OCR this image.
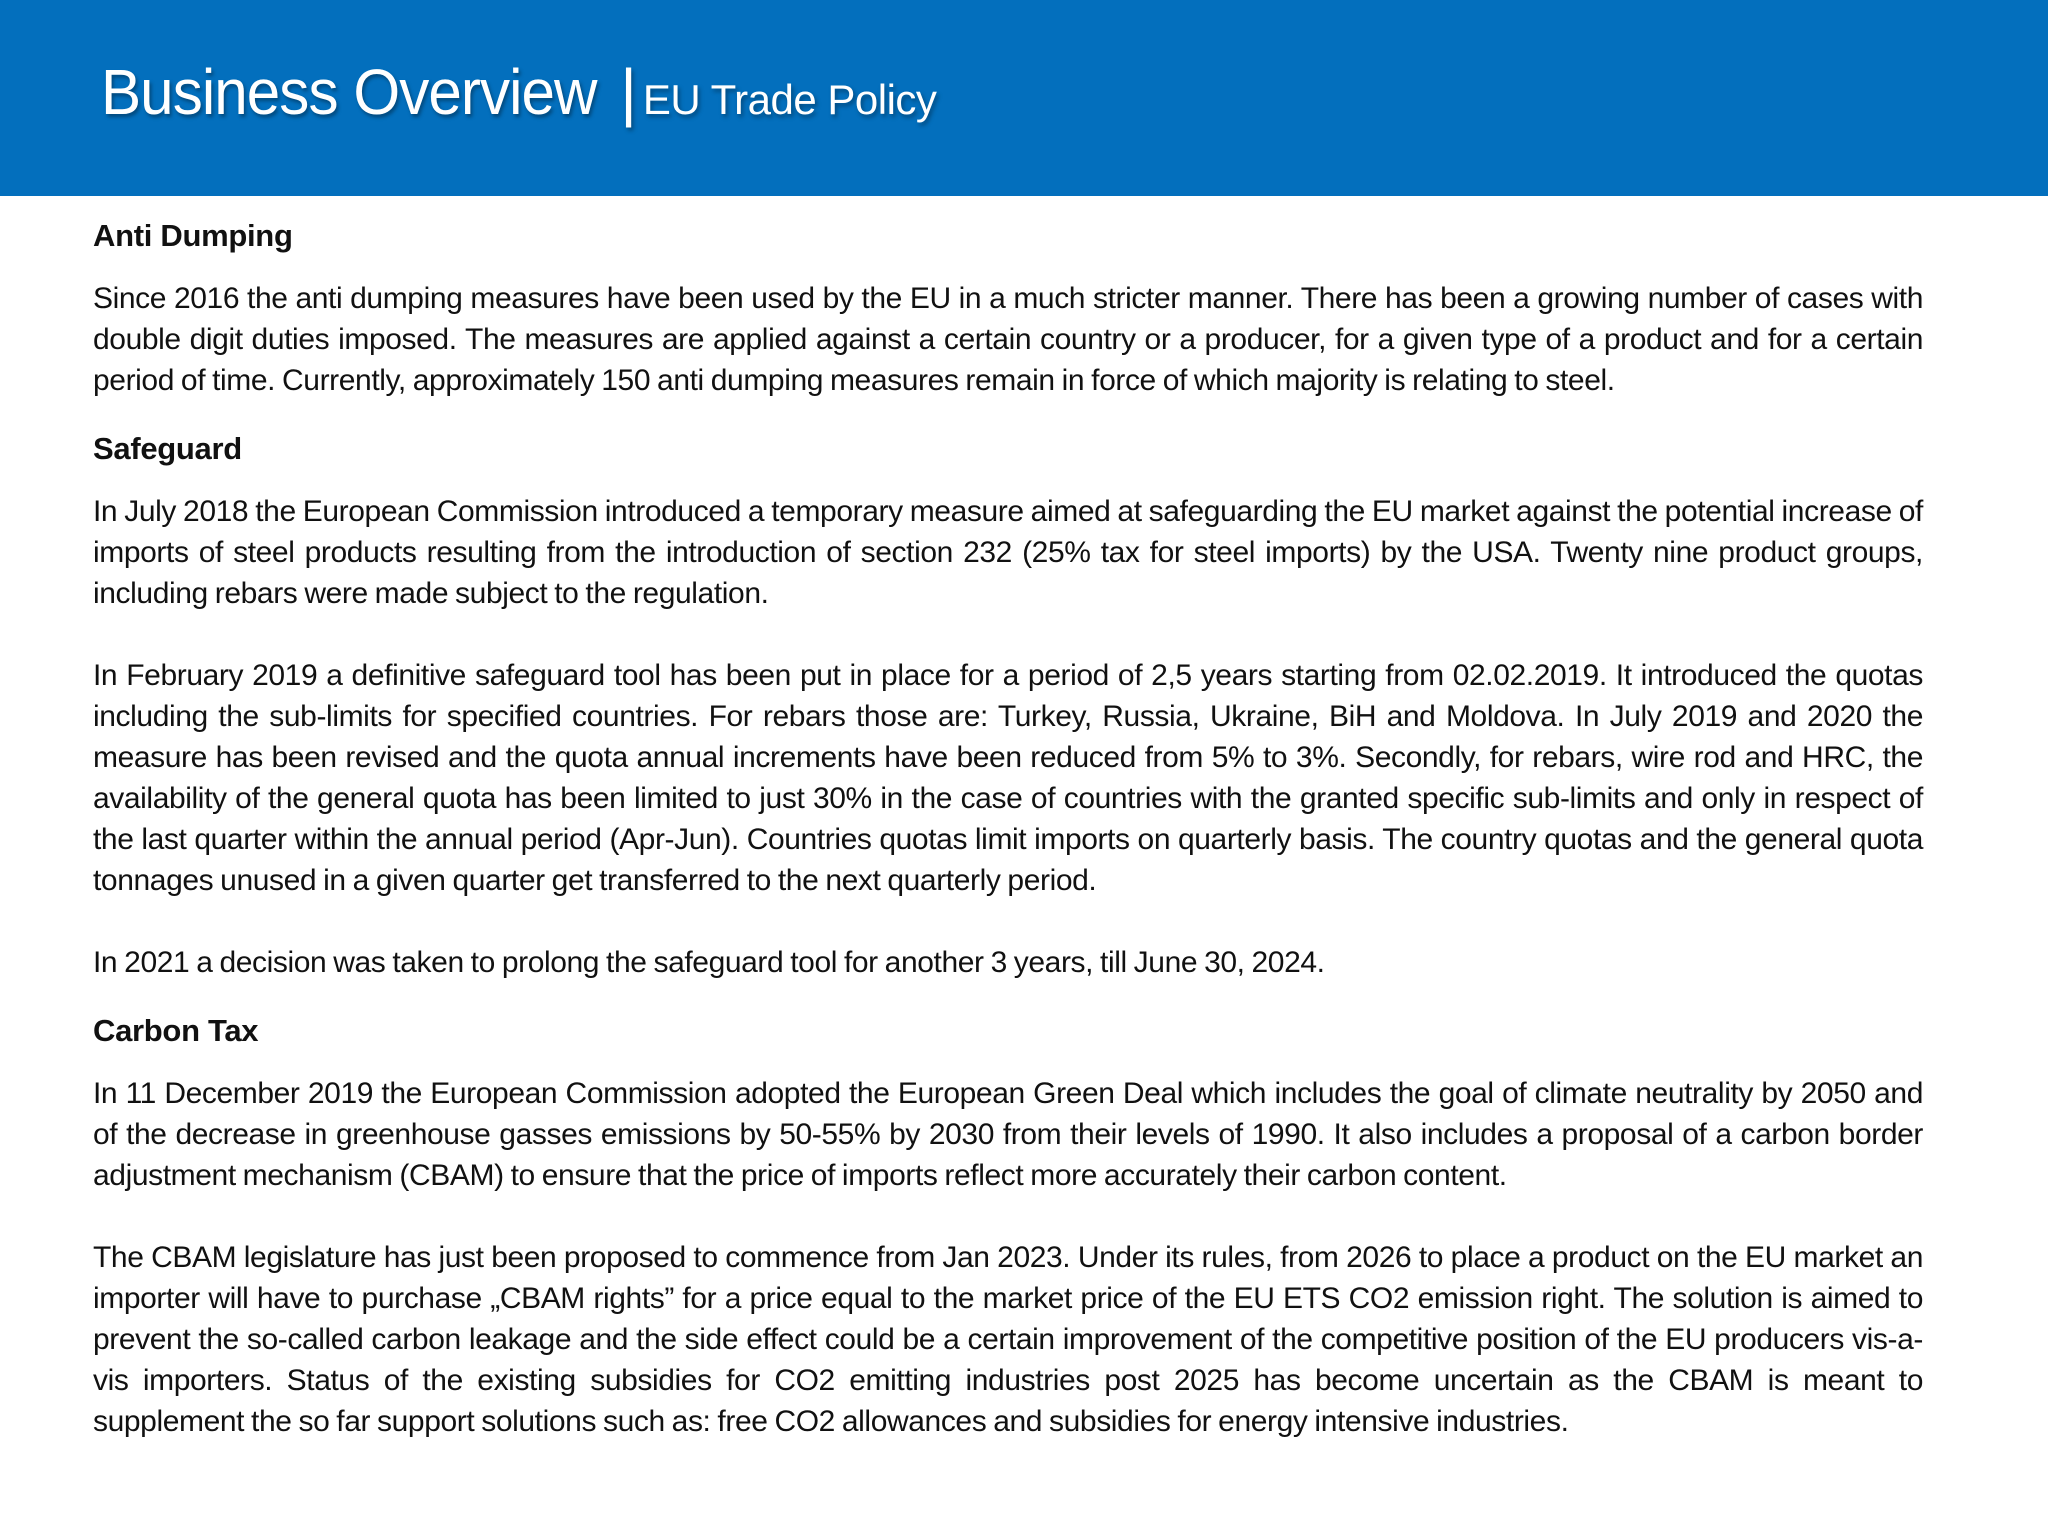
Business Overview | EU Trade Policy
Anti Dumping

Since 2016 the anti dumping measures have been used by the EU in a much stricter manner. There has been a growing number of cases with double digit duties imposed. The measures are applied against a certain country or a producer, for a given type of a product and for a certain period of time. Currently, approximately 150 anti dumping measures remain in force of which majority is relating to steel.

Safeguard

In July 2018 the European Commission introduced a temporary measure aimed at safeguarding the EU market against the potential increase of imports of steel products resulting from the introduction of section 232 (25% tax for steel imports) by the USA. Twenty nine product groups, including rebars were made subject to the regulation.

In February 2019 a definitive safeguard tool has been put in place for a period of 2,5 years starting from 02.02.2019. It introduced the quotas including the sub-limits for specified countries. For rebars those are: Turkey, Russia, Ukraine, BiH and Moldova. In July 2019 and 2020 the measure has been revised and the quota annual increments have been reduced from 5% to 3%. Secondly, for rebars, wire rod and HRC, the availability of the general quota has been limited to just 30% in the case of countries with the granted specific sub-limits and only in respect of the last quarter within the annual period (Apr-Jun). Countries quotas limit imports on quarterly basis. The country quotas and the general quota tonnages unused in a given quarter get transferred to the next quarterly period.

In 2021 a decision was taken to prolong the safeguard tool for another 3 years, till June 30, 2024.

Carbon Tax

In 11 December 2019 the European Commission adopted the European Green Deal which includes the goal of climate neutrality by 2050 and of the decrease in greenhouse gasses emissions by 50-55% by 2030 from their levels of 1990. It also includes a proposal of a carbon border adjustment mechanism (CBAM) to ensure that the price of imports reflect more accurately their carbon content.

The CBAM legislature has just been proposed to commence from Jan 2023. Under its rules, from 2026 to place a product on the EU market an importer will have to purchase „CBAM rights” for a price equal to the market price of the EU ETS CO2 emission right. The solution is aimed to prevent the so-called carbon leakage and the side effect could be a certain improvement of the competitive position of the EU producers vis-a-vis importers. Status of the existing subsidies for CO2 emitting industries post 2025 has become uncertain as the CBAM is meant to supplement the so far support solutions such as: free CO2 allowances and subsidies for energy intensive industries.
